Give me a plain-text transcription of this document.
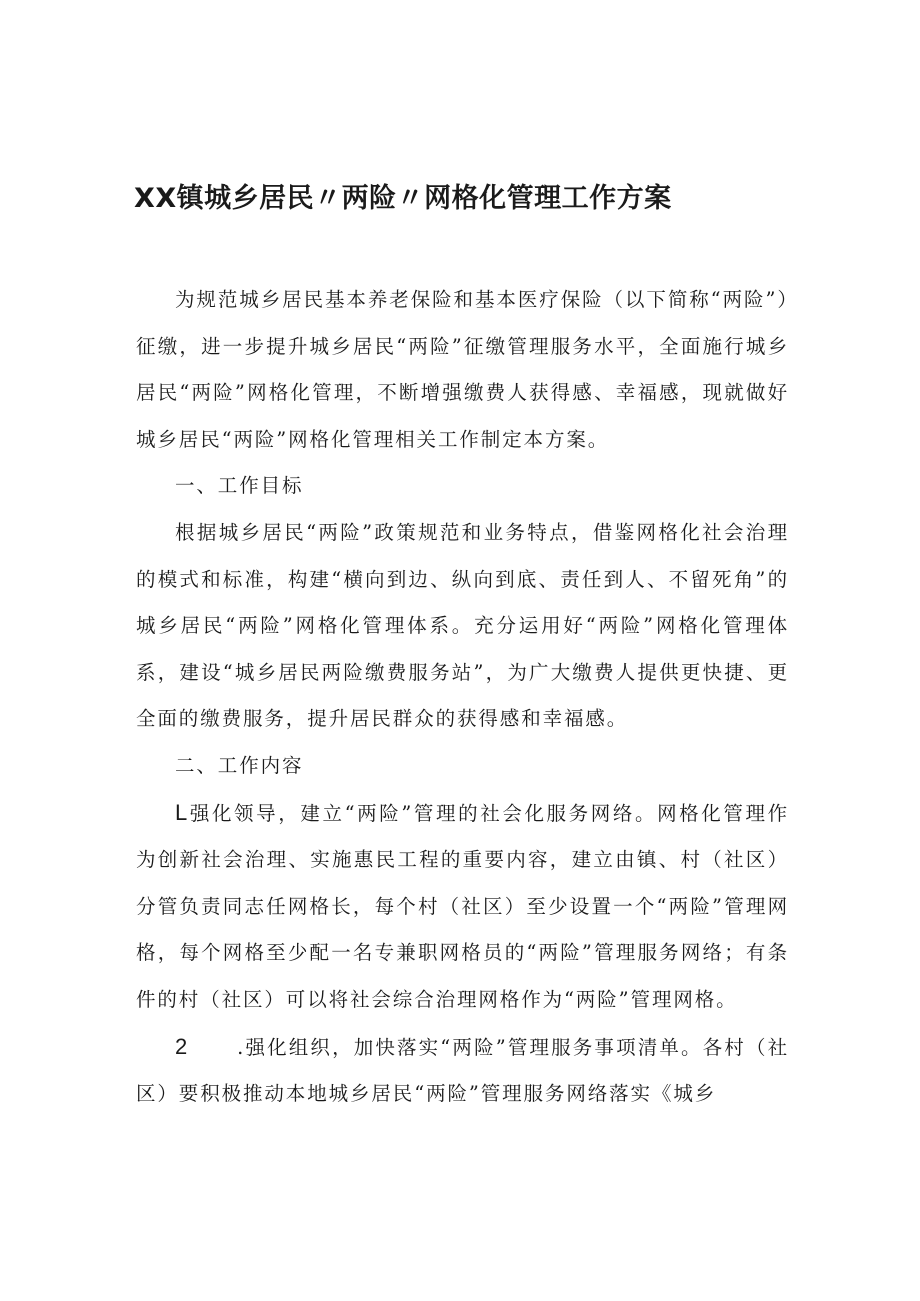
XX镇城乡居民〃两险〃网格化管理工作方案

为规范城乡居民基本养老保险和基本医疗保险（以下简称“两险”）征缴，进一步提升城乡居民“两险”征缴管理服务水平，全面施行城乡居民“两险”网格化管理，不断增强缴费人获得感、幸福感，现就做好城乡居民“两险”网格化管理相关工作制定本方案。

一、工作目标

根据城乡居民“两险”政策规范和业务特点，借鉴网格化社会治理的模式和标准，构建“横向到边、纵向到底、责任到人、不留死角”的城乡居民“两险”网格化管理体系。充分运用好“两险”网格化管理体系，建设“城乡居民两险缴费服务站”，为广大缴费人提供更快捷、更全面的缴费服务，提升居民群众的获得感和幸福感。

二、工作内容

L强化领导，建立“两险”管理的社会化服务网络。网格化管理作为创新社会治理、实施惠民工程的重要内容，建立由镇、村（社区）分管负责同志任网格长，每个村（社区）至少设置一个“两险”管理网格，每个网格至少配一名专兼职网格员的“两险”管理服务网络；有条件的村（社区）可以将社会综合治理网格作为“两险”管理网格。

2 .强化组织，加快落实“两险”管理服务事项清单。各村（社区）要积极推动本地城乡居民“两险”管理服务网络落实《城乡
